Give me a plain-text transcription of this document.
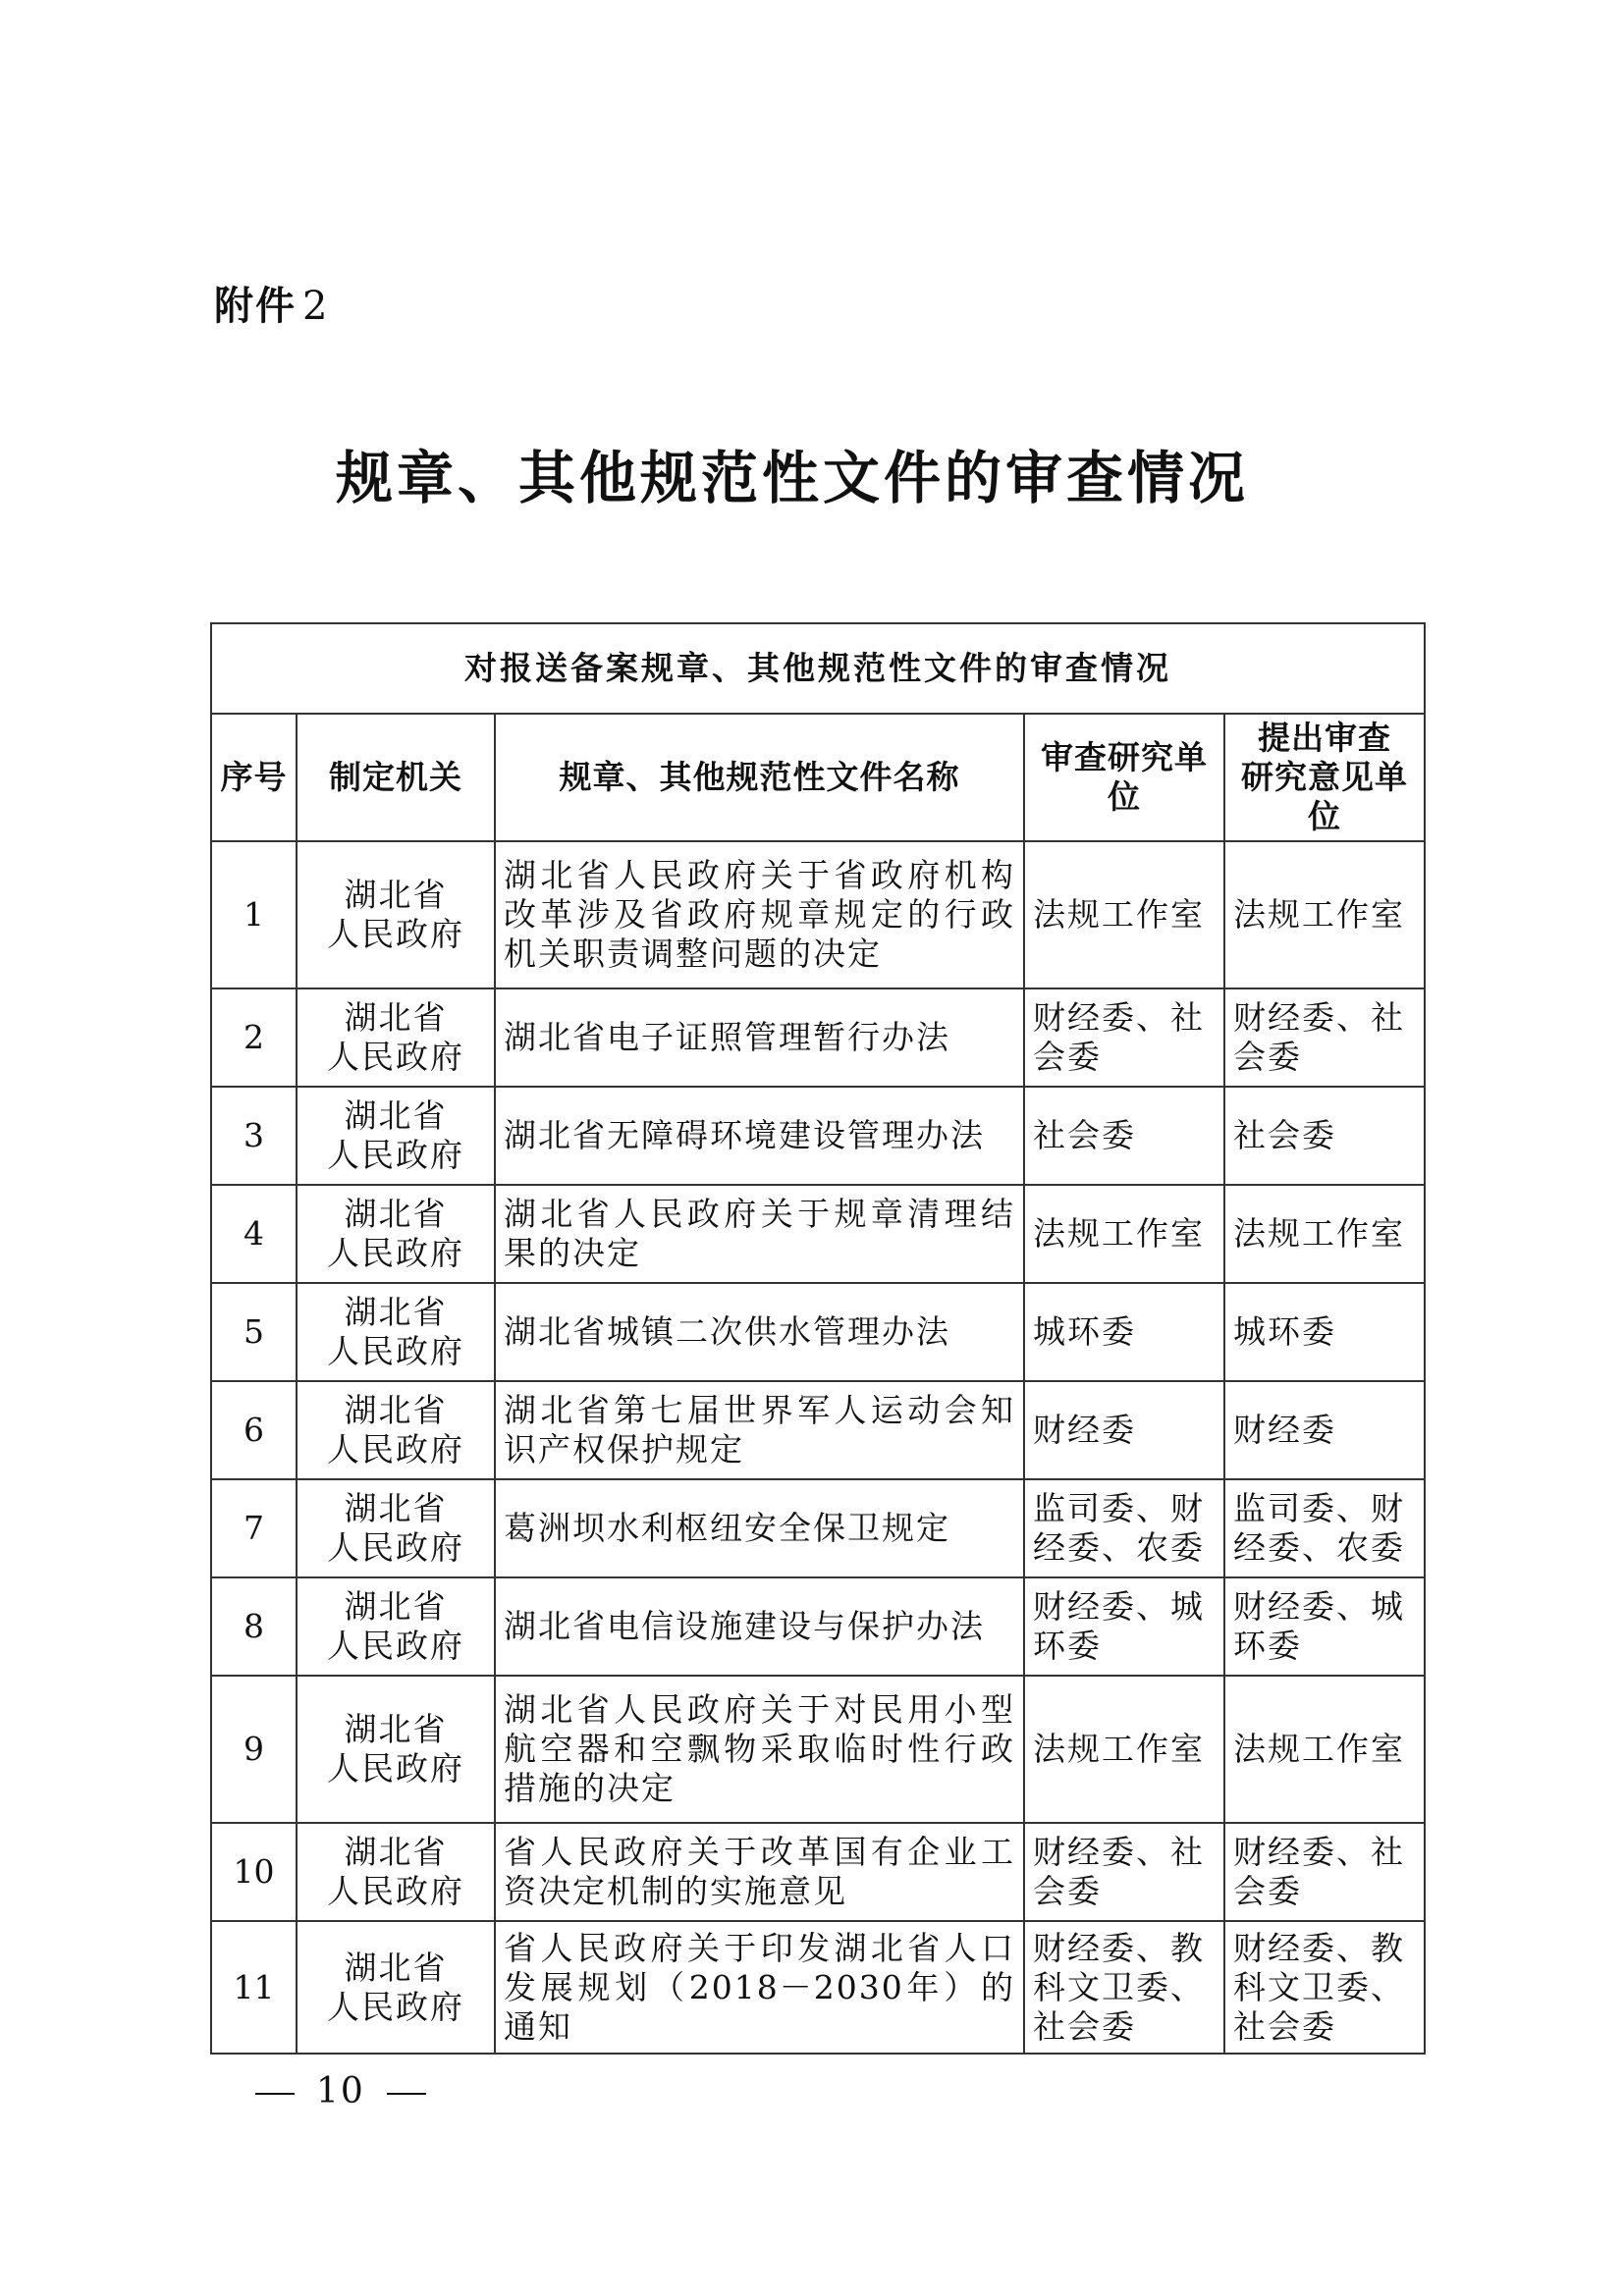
附件 2
规章、其他规范性文件的审查情况
对报送备案规章、其他规范性文件的审查情况				
序号	制定机关	规章、其他规范性文件名称	审查研究单位	提出审查
研究意见单位

1	湖北省
人民政府	湖北省人民政府关于省政府机构改革涉及省政府规章规定的行政机关职责调整问题的决定	法规工作室	法规工作室
2	湖北省
人民政府	湖北省电子证照管理暂行办法	财经委、社会委	财经委、社会委
3	湖北省
人民政府	湖北省无障碍环境建设管理办法	社会委	社会委
4	湖北省
人民政府	湖北省人民政府关于规章清理结果的决定	法规工作室	法规工作室
5	湖北省
人民政府	湖北省城镇二次供水管理办法	城环委	城环委
6	湖北省
人民政府	湖北省第七届世界军人运动会知识产权保护规定	财经委	财经委
7	湖北省
人民政府	葛洲坝水利枢纽安全保卫规定	监司委、财经委、农委	监司委、财经委、农委
8	湖北省
人民政府	湖北省电信设施建设与保护办法	财经委、城环委	财经委、城环委
9	湖北省
人民政府	湖北省人民政府关于对民用小型航空器和空飘物采取临时性行政措施的决定	法规工作室	法规工作室
10	湖北省
人民政府	省人民政府关于改革国有企业工资决定机制的实施意见	财经委、社会委	财经委、社会委
11	湖北省
人民政府	省人民政府关于印发湖北省人口发展规划（2018－2030年）的通知	财经委、教科文卫委、社会委	财经委、教科文卫委、社会委
10
